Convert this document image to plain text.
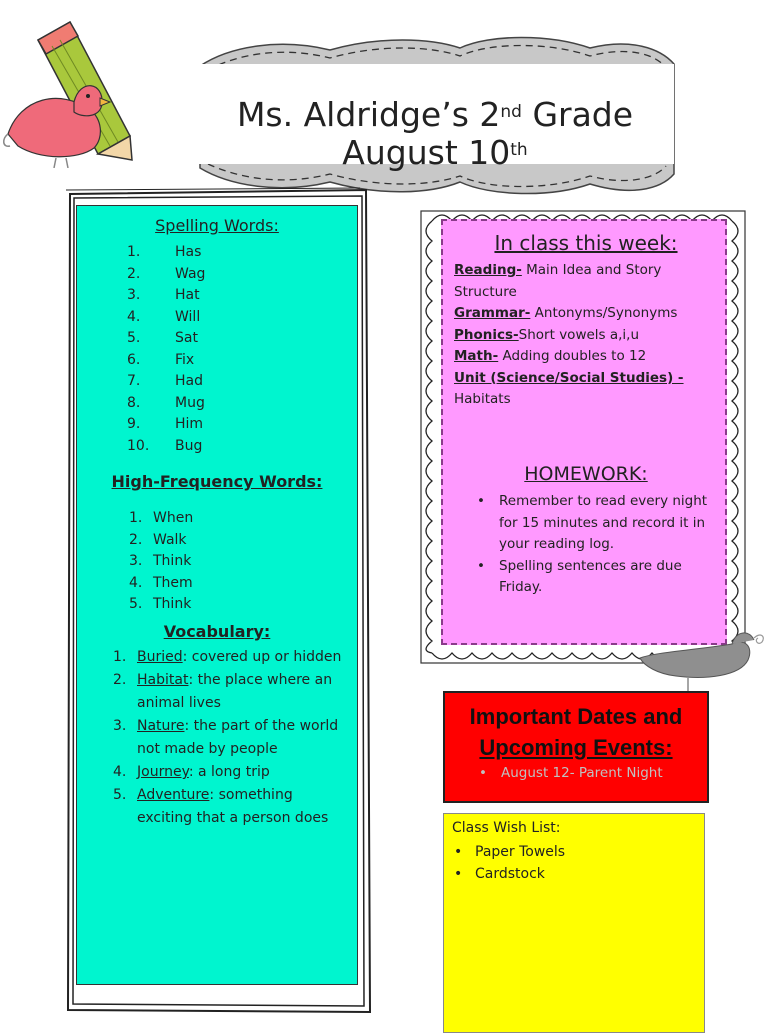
Ms. Aldridge’s 2nd Grade
August 10th

Spelling Words:

1. Has
2. Wag
3. Hat
4. Will
5. Sat
6. Fix
7. Had
8. Mug
9. Him
10. Bug

High-Frequency Words:

1. When
2. Walk
3. Think
4. Them
5. Think

Vocabulary:

1. Buried: covered up or hidden
2. Habitat: the place where an animal lives
3. Nature: the part of the world not made by people
4. Journey: a long trip
5. Adventure: something exciting that a person does

In class this week:

Reading- Main Idea and Story Structure
Grammar- Antonyms/Synonyms
Phonics-Short vowels a,i,u
Math- Adding doubles to 12
Unit (Science/Social Studies) - Habitats

HOMEWORK:

• Remember to read every night for 15 minutes and record it in your reading log.
• Spelling sentences are due Friday.
Important Dates and
Upcoming Events:
• August 12- Parent Night

Class Wish List:

• Paper Towels
• Cardstock
